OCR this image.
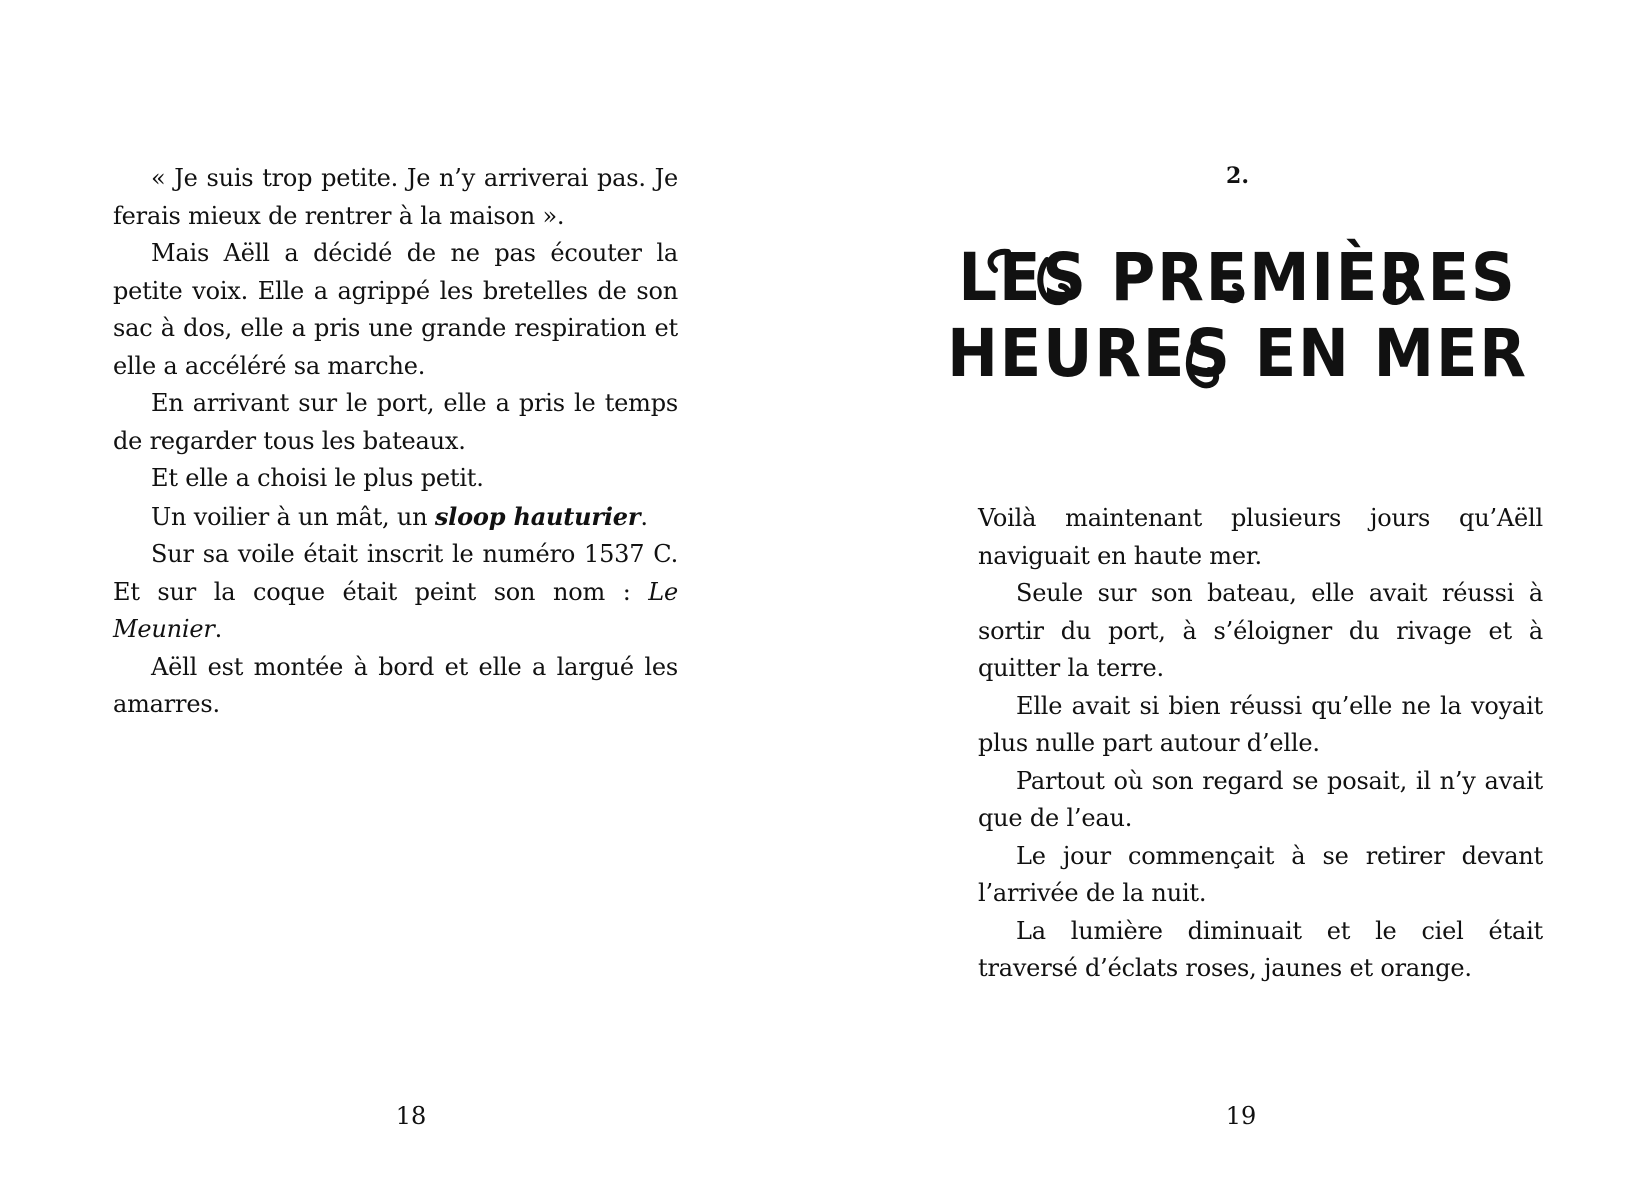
« Je suis trop petite. Je n’y arriverai pas. Je ferais mieux de rentrer à la maison ».

Mais Aëll a décidé de ne pas écouter la petite voix. Elle a agrippé les bretelles de son sac à dos, elle a pris une grande respiration et elle a accéléré sa marche.

En arrivant sur le port, elle a pris le temps de regarder tous les bateaux.

Et elle a choisi le plus petit.

Un voilier à un mât, un sloop hauturier.

Sur sa voile était inscrit le numéro 1537 C. Et sur la coque était peint son nom : Le Meunier.

Aëll est montée à bord et elle a largué les amarres.

18
2.
LES PREMIÈRES
HEURES EN MER

Voilà maintenant plusieurs jours qu’Aëll naviguait en haute mer.

Seule sur son bateau, elle avait réussi à sortir du port, à s’éloigner du rivage et à quitter la terre.

Elle avait si bien réussi qu’elle ne la voyait plus nulle part autour d’elle.

Partout où son regard se posait, il n’y avait que de l’eau.

Le jour commençait à se retirer devant l’arrivée de la nuit.

La lumière diminuait et le ciel était traversé d’éclats roses, jaunes et orange.

19
